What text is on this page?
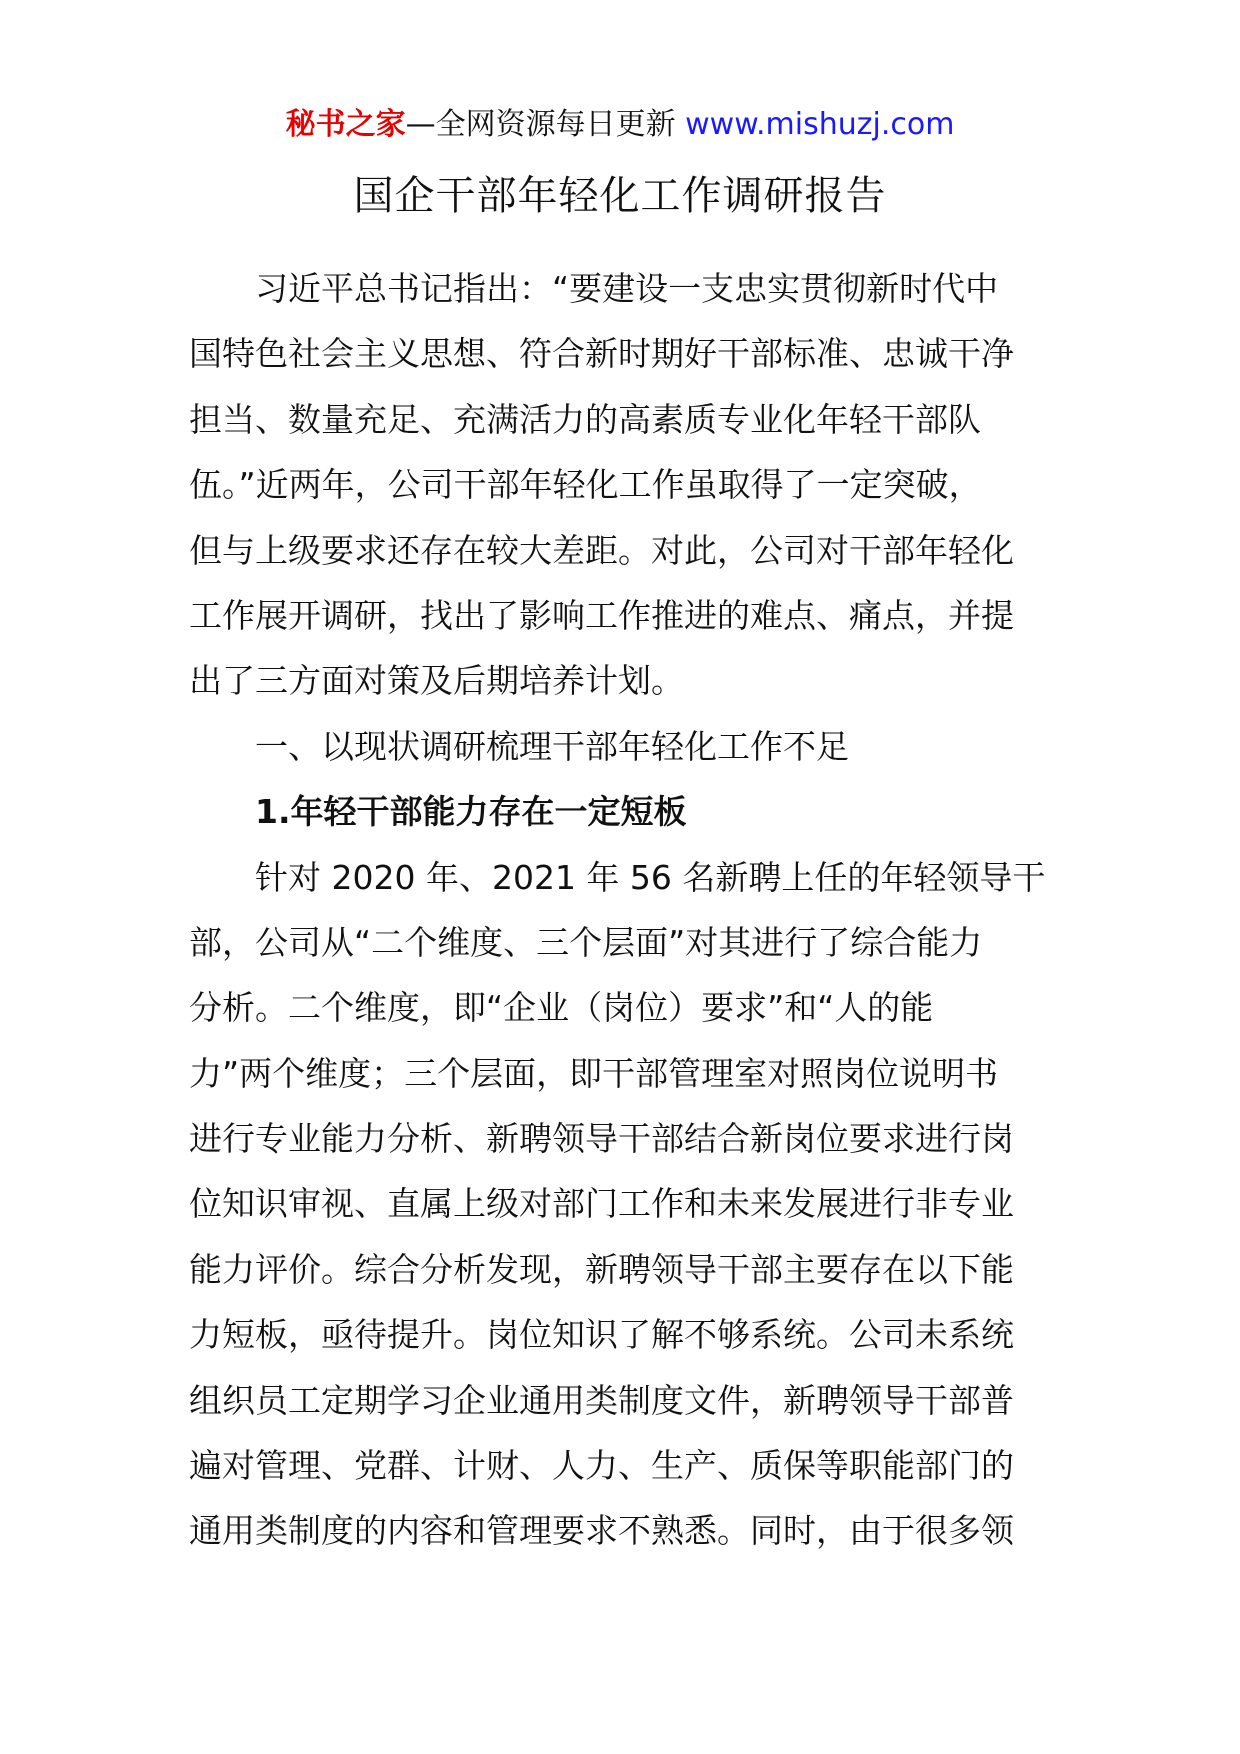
秘书之家—全网资源每日更新 www.mishuzj.com
国企干部年轻化工作调研报告
习近平总书记指出：“要建设一支忠实贯彻新时代中
国特色社会主义思想、符合新时期好干部标准、忠诚干净
担当、数量充足、充满活力的高素质专业化年轻干部队
伍。”近两年，公司干部年轻化工作虽取得了一定突破，
但与上级要求还存在较大差距。对此，公司对干部年轻化
工作展开调研，找出了影响工作推进的难点、痛点，并提
出了三方面对策及后期培养计划。
一、以现状调研梳理干部年轻化工作不足
1.年轻干部能力存在一定短板
针对 2020 年、2021 年 56 名新聘上任的年轻领导干
部，公司从“二个维度、三个层面”对其进行了综合能力
分析。二个维度，即“企业（岗位）要求”和“人的能
力”两个维度；三个层面，即干部管理室对照岗位说明书
进行专业能力分析、新聘领导干部结合新岗位要求进行岗
位知识审视、直属上级对部门工作和未来发展进行非专业
能力评价。综合分析发现，新聘领导干部主要存在以下能
力短板，亟待提升。岗位知识了解不够系统。公司未系统
组织员工定期学习企业通用类制度文件，新聘领导干部普
遍对管理、党群、计财、人力、生产、质保等职能部门的
通用类制度的内容和管理要求不熟悉。同时，由于很多领
